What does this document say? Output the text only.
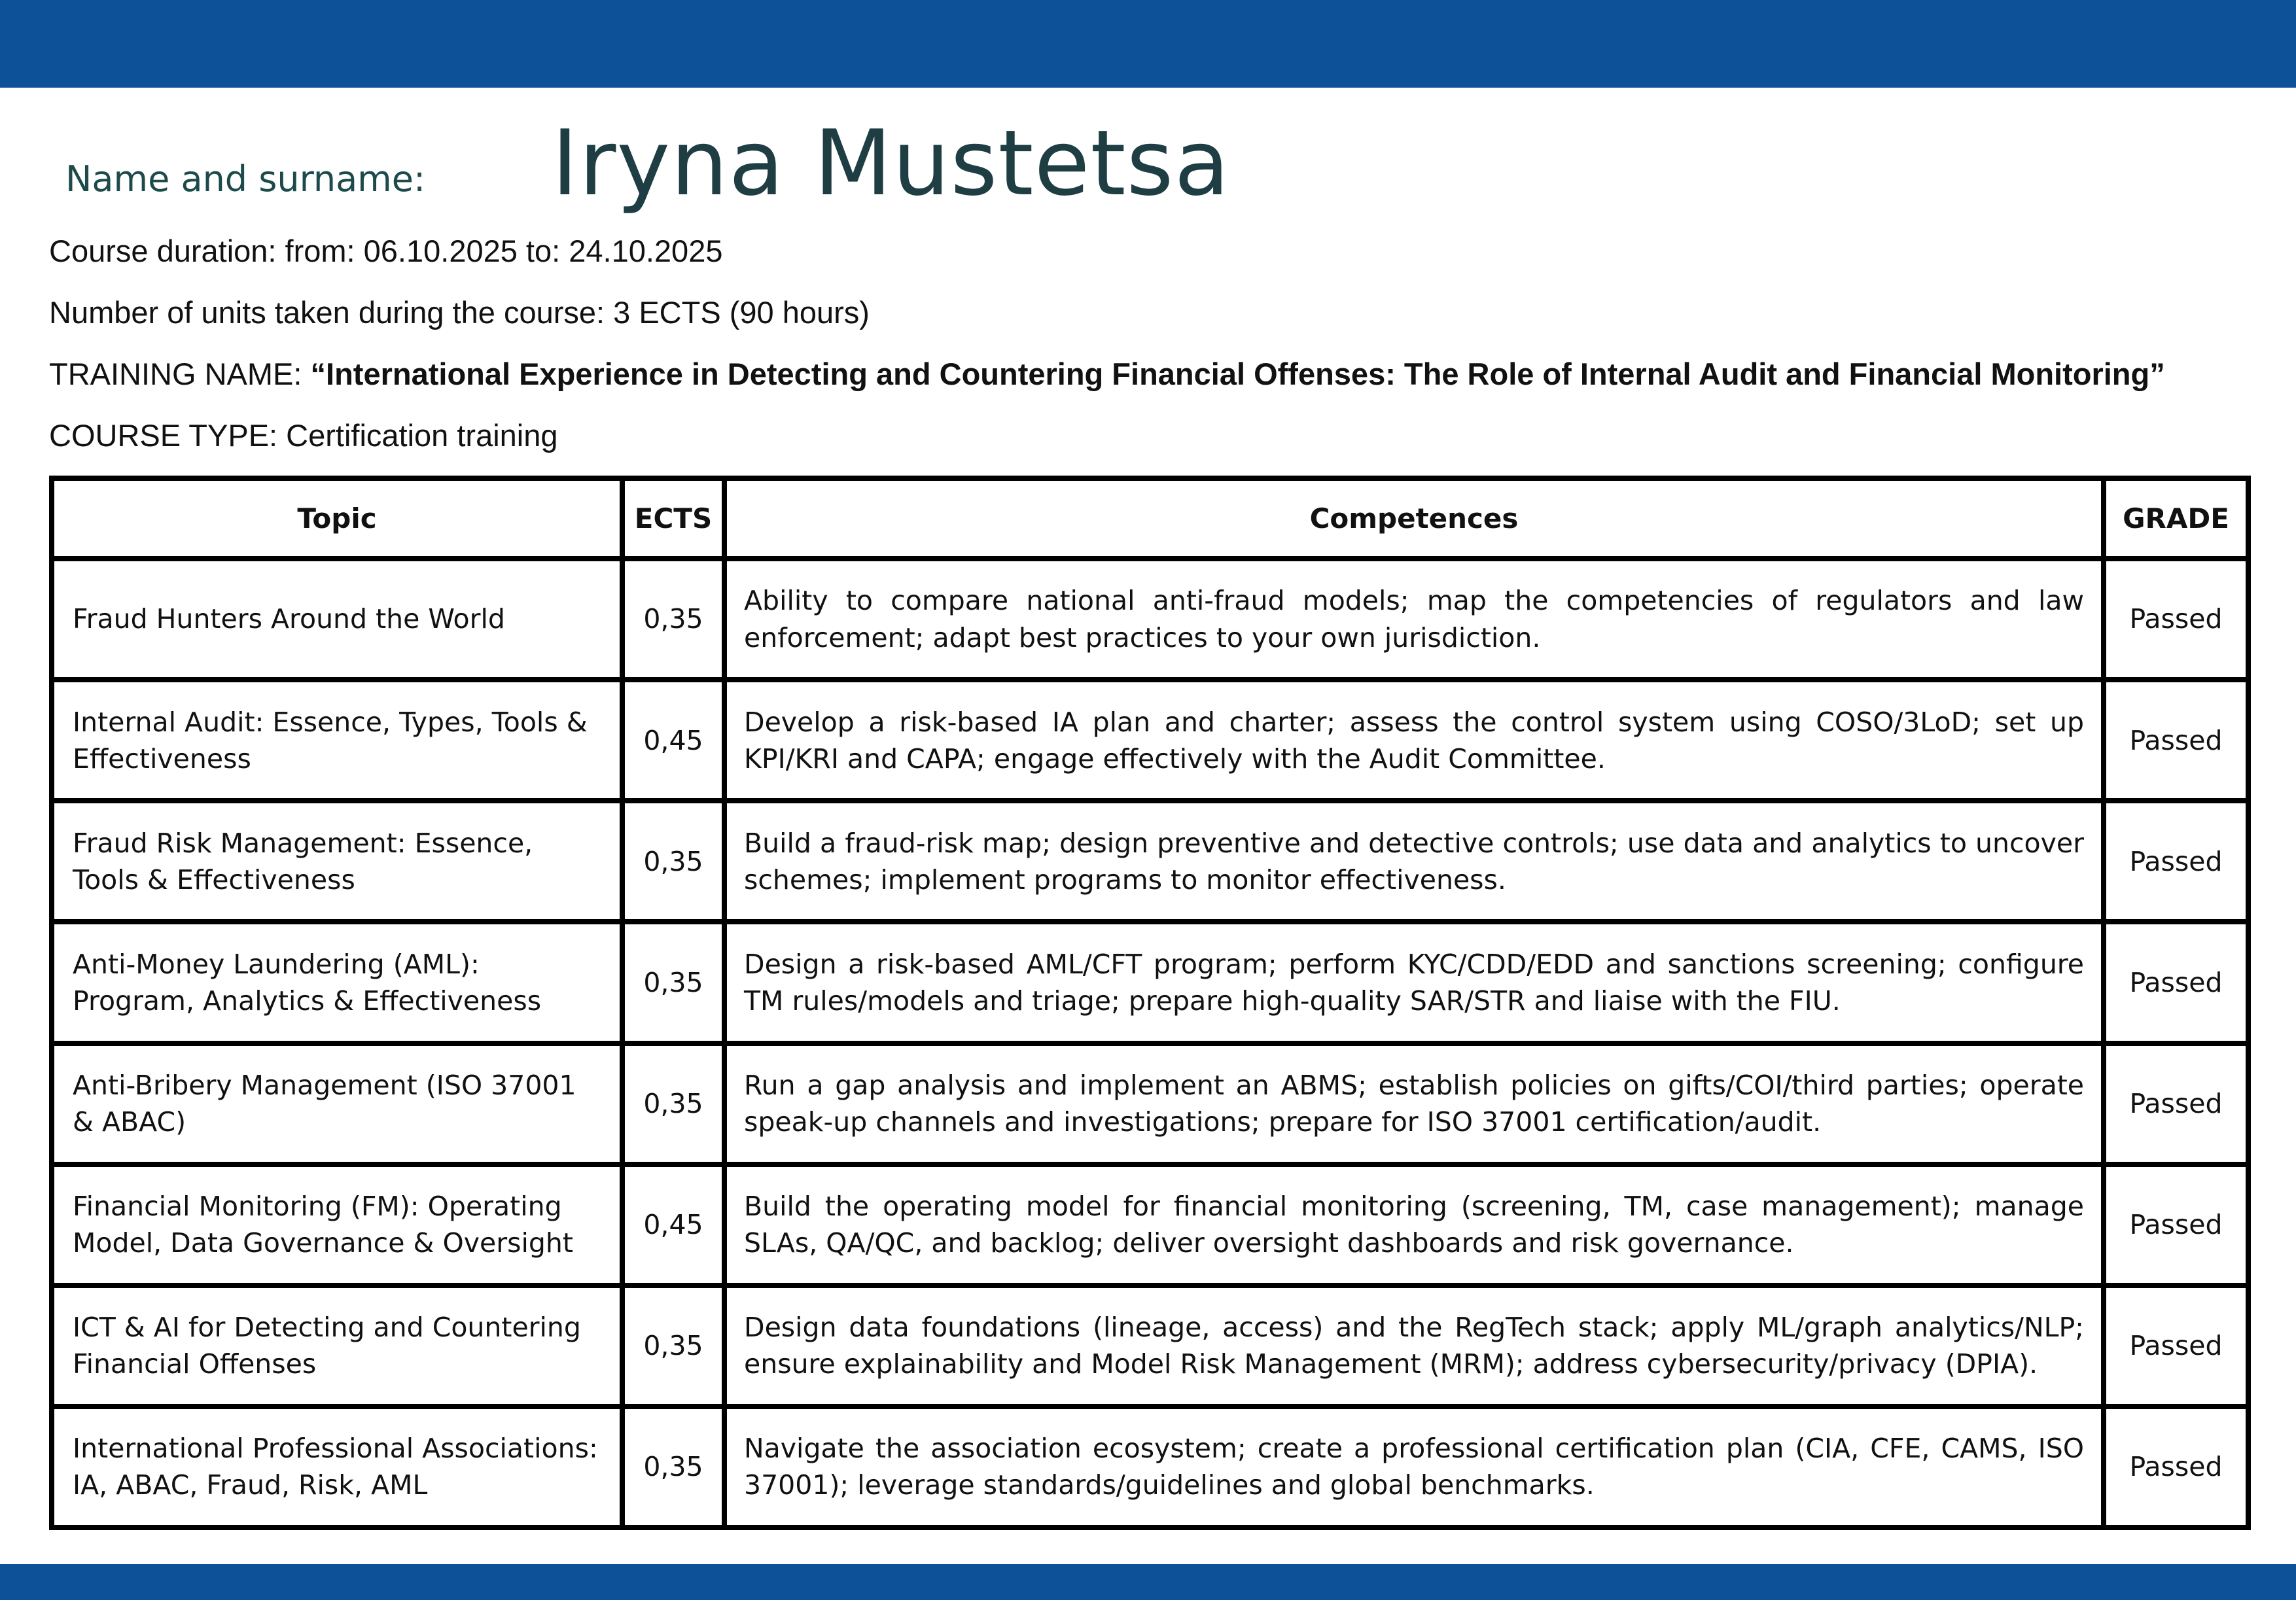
Name and surname: Iryna Mustetsa
Course duration: from: 06.10.2025 to: 24.10.2025
Number of units taken during the course: 3 ECTS (90 hours)
TRAINING NAME: “International Experience in Detecting and Countering Financial Offenses: The Role of Internal Audit and Financial Monitoring”
COURSE TYPE: Certification training
Topic	ECTS	Competences	GRADE
Fraud Hunters Around the World	0,35	Ability to compare national anti-fraud models; map the competencies of regulators and law enforcement; adapt best practices to your own jurisdiction.	Passed
Internal Audit: Essence, Types, Tools & Effectiveness	0,45	Develop a risk-based IA plan and charter; assess the control system using COSO/3LoD; set up KPI/KRI and CAPA; engage effectively with the Audit Committee.	Passed
Fraud Risk Management: Essence, Tools & Effectiveness	0,35	Build a fraud-risk map; design preventive and detective controls; use data and analytics to uncover schemes; implement programs to monitor effectiveness.	Passed
Anti-Money Laundering (AML): Program, Analytics & Effectiveness	0,35	Design a risk-based AML/CFT program; perform KYC/CDD/EDD and sanctions screening; configure TM rules/models and triage; prepare high-quality SAR/STR and liaise with the FIU.	Passed
Anti-Bribery Management (ISO 37001 & ABAC)	0,35	Run a gap analysis and implement an ABMS; establish policies on gifts/COI/third parties; operate speak-up channels and investigations; prepare for ISO 37001 certification/audit.	Passed
Financial Monitoring (FM): Operating Model, Data Governance & Oversight	0,45	Build the operating model for financial monitoring (screening, TM, case management); manage SLAs, QA/QC, and backlog; deliver oversight dashboards and risk governance.	Passed
ICT & AI for Detecting and Countering Financial Offenses	0,35	Design data foundations (lineage, access) and the RegTech stack; apply ML/graph analytics/NLP; ensure explainability and Model Risk Management (MRM); address cybersecurity/privacy (DPIA).	Passed
International Professional Associations: IA, ABAC, Fraud, Risk, AML	0,35	Navigate the association ecosystem; create a professional certification plan (CIA, CFE, CAMS, ISO 37001); leverage standards/guidelines and global benchmarks.	Passed
